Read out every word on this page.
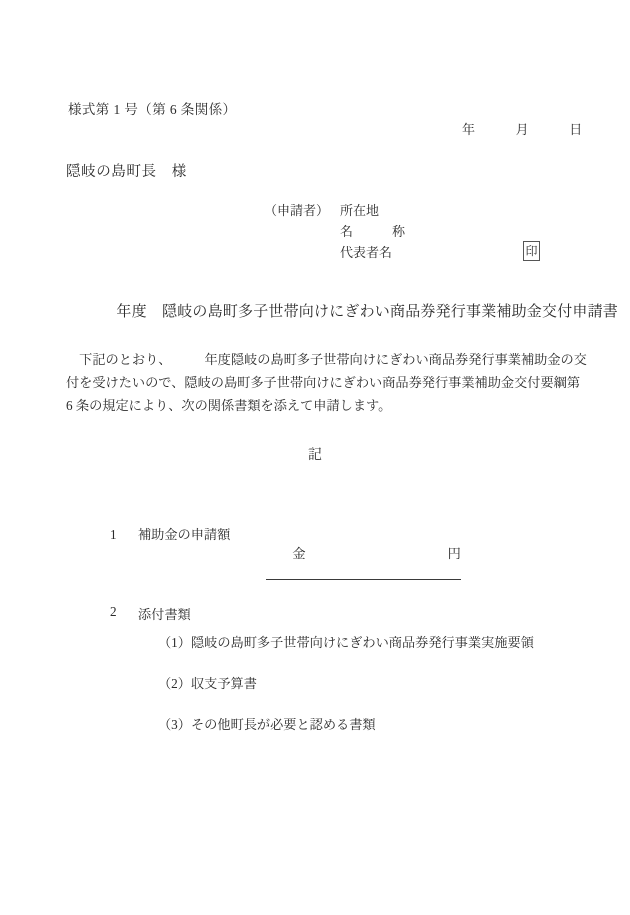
様式第 1 号（第 6 条関係）
年　　　月　　　日
隠岐の島町長　様
（申請者） 所在地
名　　　称
代表者名	印
　　年度　隠岐の島町多子世帯向けにぎわい商品券発行事業補助金交付申請書
　下記のとおり、　　　年度隠岐の島町多子世帯向けにぎわい商品券発行事業補助金の交
付を受けたいので、隠岐の島町多子世帯向けにぎわい商品券発行事業補助金交付要綱第
6 条の規定により、次の関係書類を添えて申請します。
記
1	補助金の申請額

金	円

2	添付書類
（1）隠岐の島町多子世帯向けにぎわい商品券発行事業実施要領
（2）収支予算書
（3）その他町長が必要と認める書類
